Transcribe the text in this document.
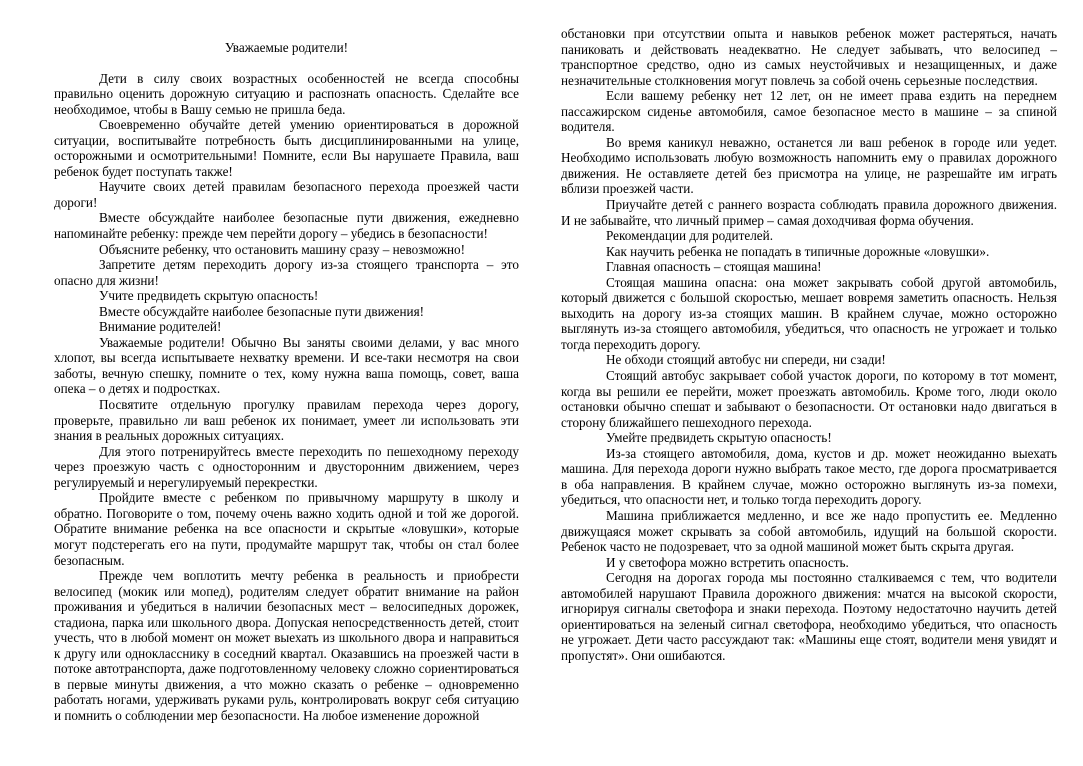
Уважаемые родители!

Дети в силу своих возрастных особенностей не всегда способны правильно оценить дорожную ситуацию и распознать опасность. Сделайте все необходимое, чтобы в Вашу семью не пришла беда.

Своевременно обучайте детей умению ориентироваться в дорожной ситуации, воспитывайте потребность быть дисциплинированными на улице, осторожными и осмотрительными! Помните, если Вы нарушаете Правила, ваш ребенок будет поступать также!

Научите своих детей правилам безопасного перехода проезжей части дороги!

Вместе обсуждайте наиболее безопасные пути движения, ежедневно напоминайте ребенку: прежде чем перейти дорогу – убедись в безопасности!

Объясните ребенку, что остановить машину сразу – невозможно!

Запретите детям переходить дорогу из-за стоящего транспорта – это опасно для жизни!

Учите предвидеть скрытую опасность!

Вместе обсуждайте наиболее безопасные пути движения!

Внимание родителей!

Уважаемые родители! Обычно Вы заняты своими делами, у вас много хлопот, вы всегда испытываете нехватку времени. И все-таки несмотря на свои заботы, вечную спешку, помните о тех, кому нужна ваша помощь, совет, ваша опека – о детях и подростках.

Посвятите отдельную прогулку правилам перехода через дорогу, проверьте, правильно ли ваш ребенок их понимает, умеет ли использовать эти знания в реальных дорожных ситуациях.

Для этого потренируйтесь вместе переходить по пешеходному переходу через проезжую часть с односторонним и двусторонним движением, через регулируемый и нерегулируемый перекрестки.

Пройдите вместе с ребенком по привычному маршруту в школу и обратно. Поговорите о том, почему очень важно ходить одной и той же дорогой. Обратите внимание ребенка на все опасности и скрытые «ловушки», которые могут подстерегать его на пути, продумайте маршрут так, чтобы он стал более безопасным.

Прежде чем воплотить мечту ребенка в реальность и приобрести велосипед (мокик или мопед), родителям следует обратит внимание на район проживания и убедиться в наличии безопасных мест – велосипедных дорожек, стадиона, парка или школьного двора. Допуская непосредственность детей, стоит учесть, что в любой момент он может выехать из школьного двора и направиться к другу или однокласснику в соседний квартал. Оказавшись на проезжей части в потоке автотранспорта, даже подготовленному человеку сложно сориентироваться в первые минуты движения, а что можно сказать о ребенке – одновременно работать ногами, удерживать руками руль, контролировать вокруг себя ситуацию и помнить о соблюдении мер безопасности. На любое изменение дорожной

обстановки при отсутствии опыта и навыков ребенок может растеряться, начать паниковать и действовать неадекватно. Не следует забывать, что велосипед – транспортное средство, одно из самых неустойчивых и незащищенных, и даже незначительные столкновения могут повлечь за собой очень серьезные последствия.

Если вашему ребенку нет 12 лет, он не имеет права ездить на переднем пассажирском сиденье автомобиля, самое безопасное место в машине – за спиной водителя.

Во время каникул неважно, останется ли ваш ребенок в городе или уедет. Необходимо использовать любую возможность напомнить ему о правилах дорожного движения. Не оставляете детей без присмотра на улице, не разрешайте им играть вблизи проезжей части.

Приучайте детей с раннего возраста соблюдать правила дорожного движения. И не забывайте, что личный пример – самая доходчивая форма обучения.

Рекомендации для родителей.

Как научить ребенка не попадать в типичные дорожные «ловушки».

Главная опасность – стоящая машина!

Стоящая машина опасна: она может закрывать собой другой автомобиль, который движется с большой скоростью, мешает вовремя заметить опасность. Нельзя выходить на дорогу из-за стоящих машин. В крайнем случае, можно осторожно выглянуть из-за стоящего автомобиля, убедиться, что опасность не угрожает и только тогда переходить дорогу.

Не обходи стоящий автобус ни спереди, ни сзади!

Стоящий автобус закрывает собой участок дороги, по которому в тот момент, когда вы решили ее перейти, может проезжать автомобиль. Кроме того, люди около остановки обычно спешат и забывают о безопасности. От остановки надо двигаться в сторону ближайшего пешеходного перехода.

Умейте предвидеть скрытую опасность!

Из-за стоящего автомобиля, дома, кустов и др. может неожиданно выехать машина. Для перехода дороги нужно выбрать такое место, где дорога просматривается в оба направления. В крайнем случае, можно осторожно выглянуть из-за помехи, убедиться, что опасности нет, и только тогда переходить дорогу.

Машина приближается медленно, и все же надо пропустить ее. Медленно движущаяся может скрывать за собой автомобиль, идущий на большой скорости. Ребенок часто не подозревает, что за одной машиной может быть скрыта другая.

И у светофора можно встретить опасность.

Сегодня на дорогах города мы постоянно сталкиваемся с тем, что водители автомобилей нарушают Правила дорожного движения: мчатся на высокой скорости, игнорируя сигналы светофора и знаки перехода. Поэтому недостаточно научить детей ориентироваться на зеленый сигнал светофора, необходимо убедиться, что опасность не угрожает. Дети часто рассуждают так: «Машины еще стоят, водители меня увидят и пропустят». Они ошибаются.
